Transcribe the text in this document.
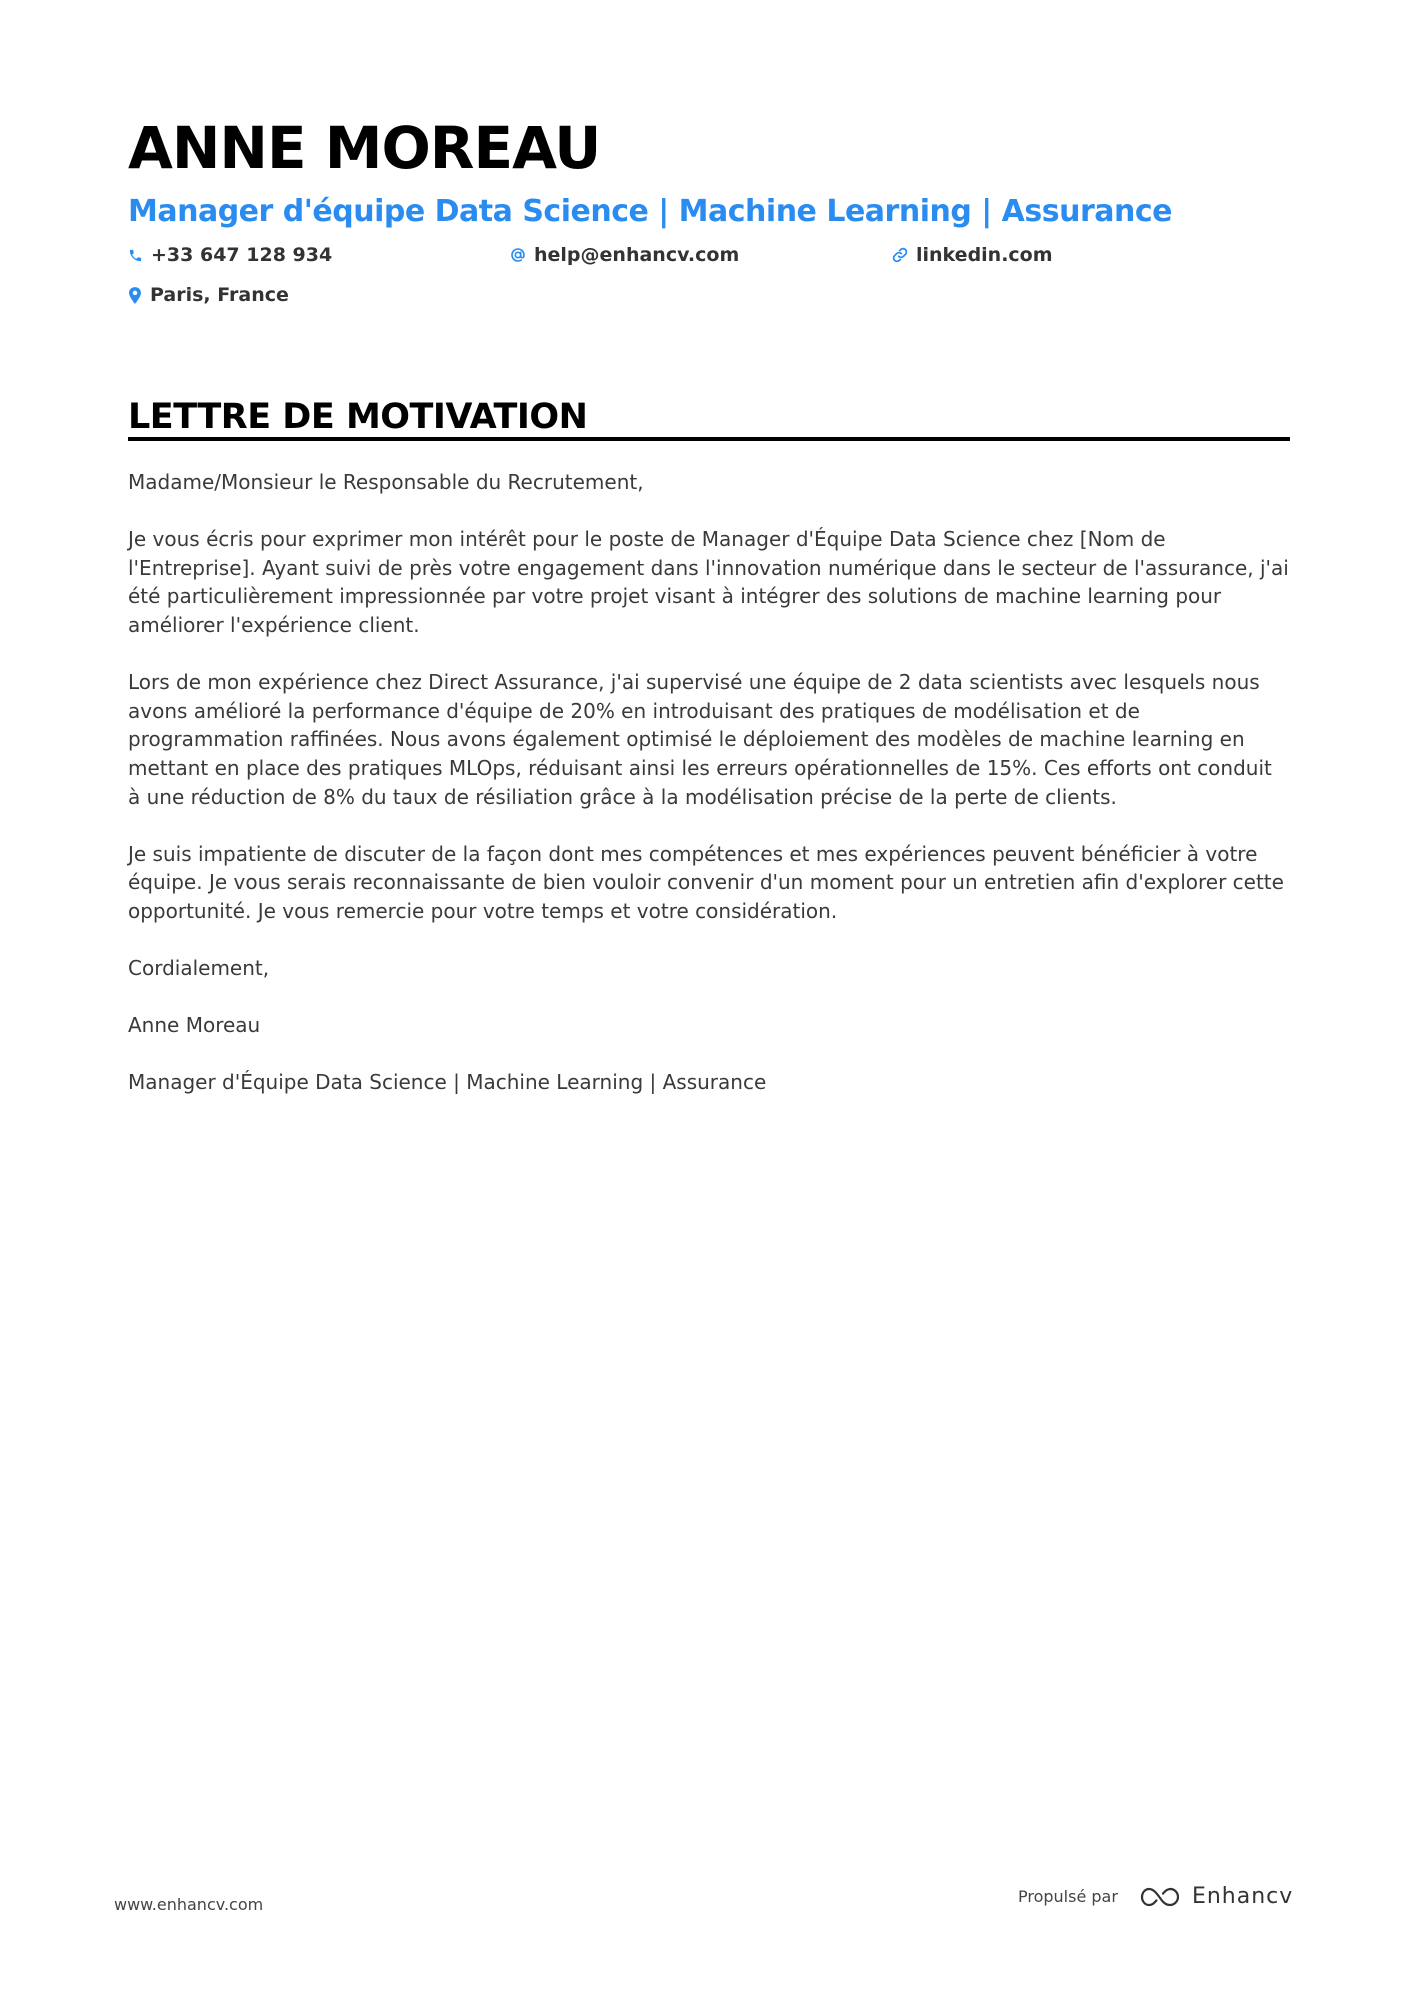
ANNE MOREAU
Manager d'équipe Data Science | Machine Learning | Assurance
+33 647 128 934	help@enhancv.com	linkedin.com
Paris, France
LETTRE DE MOTIVATION

Madame/Monsieur le Responsable du Recrutement,

Je vous écris pour exprimer mon intérêt pour le poste de Manager d'Équipe Data Science chez [Nom de l'Entreprise]. Ayant suivi de près votre engagement dans l'innovation numérique dans le secteur de l'assurance, j'ai été particulièrement impressionnée par votre projet visant à intégrer des solutions de machine learning pour améliorer l'expérience client.

Lors de mon expérience chez Direct Assurance, j'ai supervisé une équipe de 2 data scientists avec lesquels nous avons amélioré la performance d'équipe de 20% en introduisant des pratiques de modélisation et de programmation raffinées. Nous avons également optimisé le déploiement des modèles de machine learning en mettant en place des pratiques MLOps, réduisant ainsi les erreurs opérationnelles de 15%. Ces efforts ont conduit à une réduction de 8% du taux de résiliation grâce à la modélisation précise de la perte de clients.

Je suis impatiente de discuter de la façon dont mes compétences et mes expériences peuvent bénéficier à votre équipe. Je vous serais reconnaissante de bien vouloir convenir d'un moment pour un entretien afin d'explorer cette opportunité. Je vous remercie pour votre temps et votre considération.

Cordialement,

Anne Moreau

Manager d'Équipe Data Science | Machine Learning | Assurance

www.enhancv.com	Propulsé par	Enhancv
